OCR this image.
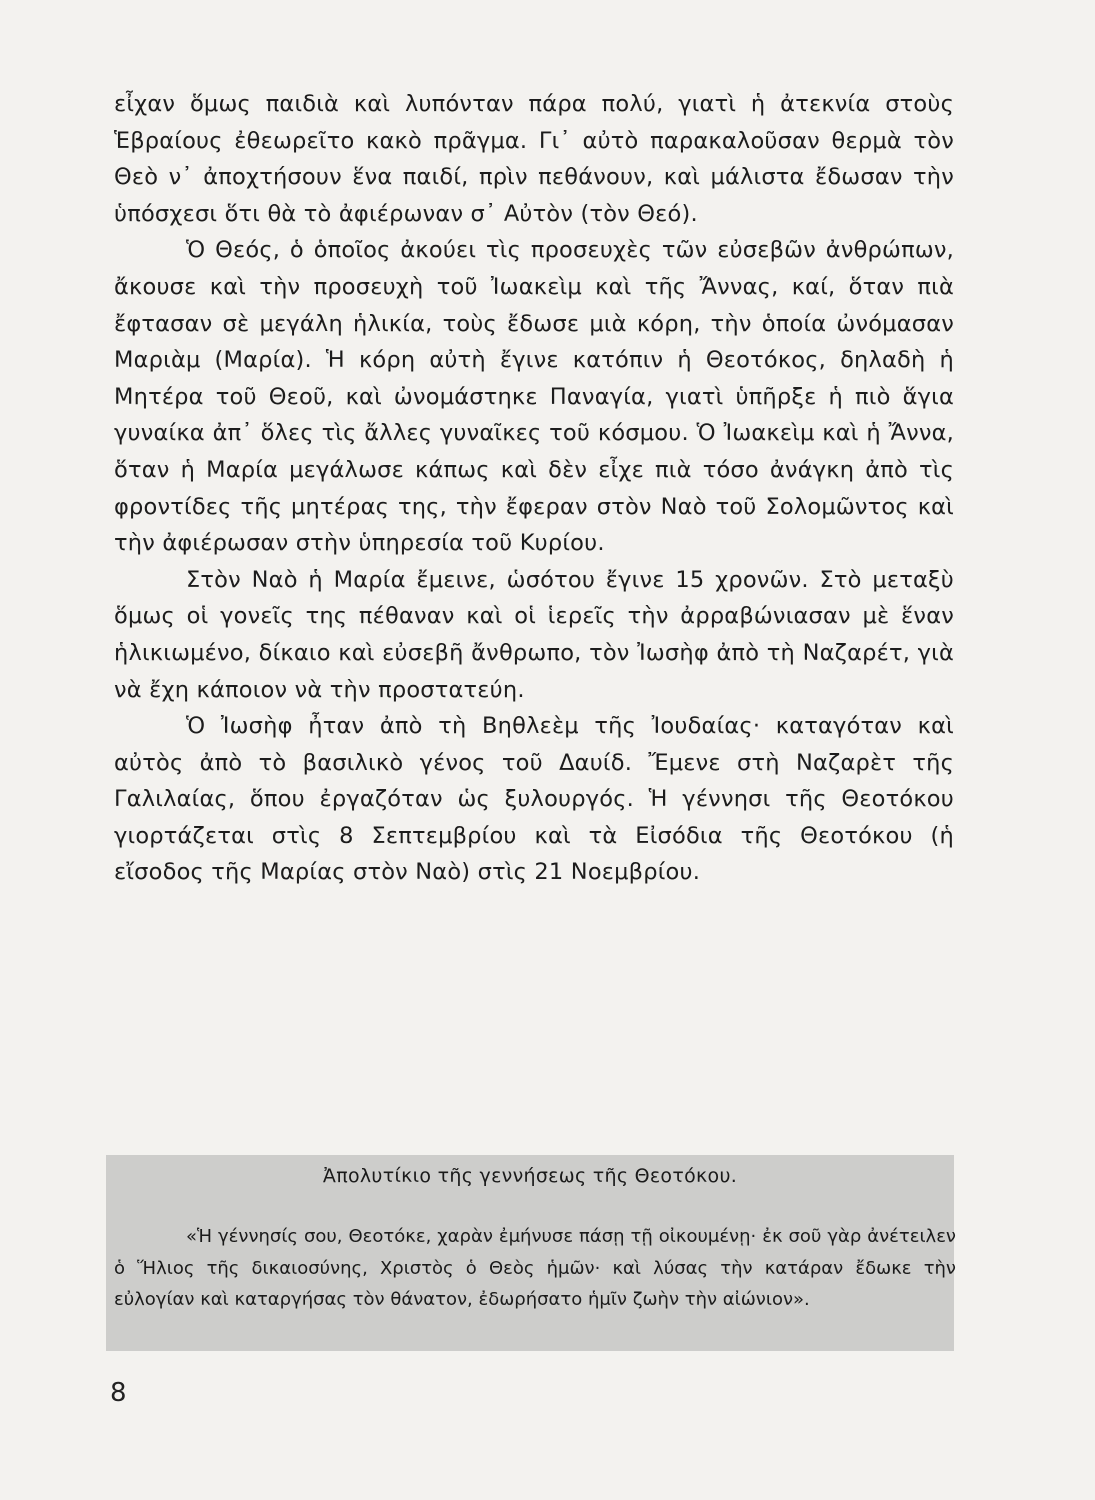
εἶχαν ὅμως παιδιὰ καὶ λυπόνταν πάρα πολύ, γιατὶ ἡ ἀτεκνία στοὺς Ἑβραίους ἐθεωρεῖτο κακὸ πρᾶγμα. Γι᾽ αὐτὸ παρακαλοῦσαν θερμὰ τὸν Θεὸ ν᾽ ἀποχτήσουν ἕνα παιδί, πρὶν πεθάνουν, καὶ μάλιστα ἔδωσαν τὴν ὑπόσχεσι ὅτι θὰ τὸ ἀφιέρωναν σ᾽ Αὐτὸν (τὸν Θεό).

Ὁ Θεός, ὁ ὁποῖος ἀκούει τὶς προσευχὲς τῶν εὐσεβῶν ἀνθρώπων, ἄκουσε καὶ τὴν προσευχὴ τοῦ Ἰωακεὶμ καὶ τῆς Ἄννας, καί, ὅταν πιὰ ἔφτασαν σὲ μεγάλη ἡλικία, τοὺς ἔδωσε μιὰ κόρη, τὴν ὁποία ὠνόμασαν Μαριὰμ (Μαρία). Ἡ κόρη αὐτὴ ἔγινε κατόπιν ἡ Θεοτόκος, δηλαδὴ ἡ Μητέρα τοῦ Θεοῦ, καὶ ὠνομάστηκε Παναγία, γιατὶ ὑπῆρξε ἡ πιὸ ἅγια γυναίκα ἀπ᾽ ὅλες τὶς ἄλλες γυναῖκες τοῦ κόσμου. Ὁ Ἰωακεὶμ καὶ ἡ Ἄννα, ὅταν ἡ Μαρία μεγάλωσε κάπως καὶ δὲν εἶχε πιὰ τόσο ἀνάγκη ἀπὸ τὶς φροντίδες τῆς μητέρας της, τὴν ἔφεραν στὸν Ναὸ τοῦ Σολομῶντος καὶ τὴν ἀφιέρωσαν στὴν ὑπηρεσία τοῦ Κυρίου.

Στὸν Ναὸ ἡ Μαρία ἔμεινε, ὡσότου ἔγινε 15 χρονῶν. Στὸ μεταξὺ ὅμως οἱ γονεῖς της πέθαναν καὶ οἱ ἱερεῖς τὴν ἀρραβώνιασαν μὲ ἕναν ἡλικιωμένο, δίκαιο καὶ εὐσεβῆ ἄνθρωπο, τὸν Ἰωσὴφ ἀπὸ τὴ Ναζαρέτ, γιὰ νὰ ἔχη κάποιον νὰ τὴν προστατεύη.

Ὁ Ἰωσὴφ ἦταν ἀπὸ τὴ Βηθλεὲμ τῆς Ἰουδαίας· καταγόταν καὶ αὐτὸς ἀπὸ τὸ βασιλικὸ γένος τοῦ Δαυίδ. Ἔμενε στὴ Ναζαρὲτ τῆς Γαλιλαίας, ὅπου ἐργαζόταν ὡς ξυλουργός. Ἡ γέννησι τῆς Θεοτόκου γιορτάζεται στὶς 8 Σεπτεμβρίου καὶ τὰ Εἰσόδια τῆς Θεοτόκου (ἡ εἴσοδος τῆς Μαρίας στὸν Ναὸ) στὶς 21 Νοεμβρίου.

Ἀπολυτίκιο τῆς γεννήσεως τῆς Θεοτόκου.
«Ἡ γέννησίς σου, Θεοτόκε, χαρὰν ἐμήνυσε πάσῃ τῇ οἰκουμένῃ· ἐκ σοῦ γὰρ ἀνέτειλεν ὁ Ἥλιος τῆς δικαιοσύνης, Χριστὸς ὁ Θεὸς ἡμῶν· καὶ λύσας τὴν κατάραν ἔδωκε τὴν εὐλογίαν καὶ καταργήσας τὸν θάνατον, ἐδωρήσατο ἡμῖν ζωὴν τὴν αἰώνιον».
8
